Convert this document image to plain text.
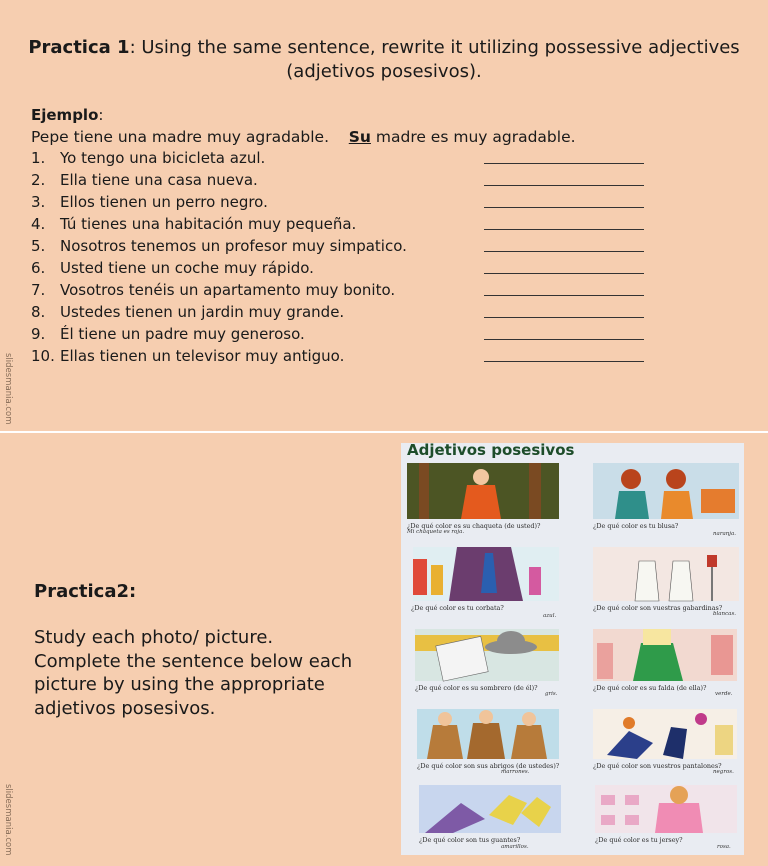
Practica 1: Using the same sentence, rewrite it utilizing possessive adjectives (adjetivos posesivos).
Ejemplo:
Pepe tiene una madre muy agradable. Su madre es muy agradable.
1. Yo tengo una bicicleta azul.
2. Ella tiene una casa nueva.
3. Ellos tienen un perro negro.
4. Tú tienes una habitación muy pequeña.
5. Nosotros tenemos un profesor muy simpatico.
6. Usted tiene un coche muy rápido.
7. Vosotros tenéis un apartamento muy bonito.
8. Ustedes tienen un jardin muy grande.
9. Él tiene un padre muy generoso.
10. Ellas tienen un televisor muy antiguo.
slidesmania.com
Practica2:
Study each photo/ picture. Complete the sentence below each picture by using the appropriate adjetivos posesivos.
slidesmania.com
Adjetivos posesivos
¿De qué color es su chaqueta (de usted)?
Mi chaqueta es roja.
¿De qué color es tu blusa?
naranja.
¿De qué color es tu corbata?
azul.
¿De qué color son vuestras gabardinas?
blancas.
¿De qué color es su sombrero (de él)?
gris.
¿De qué color es su falda (de ella)?
verde.
¿De qué color son sus abrigos (de ustedes)?
marrones.
¿De qué color son vuestros pantalones?
negros.
¿De qué color son tus guantes?
amarillos.
¿De qué color es tu jersey?
rosa.
